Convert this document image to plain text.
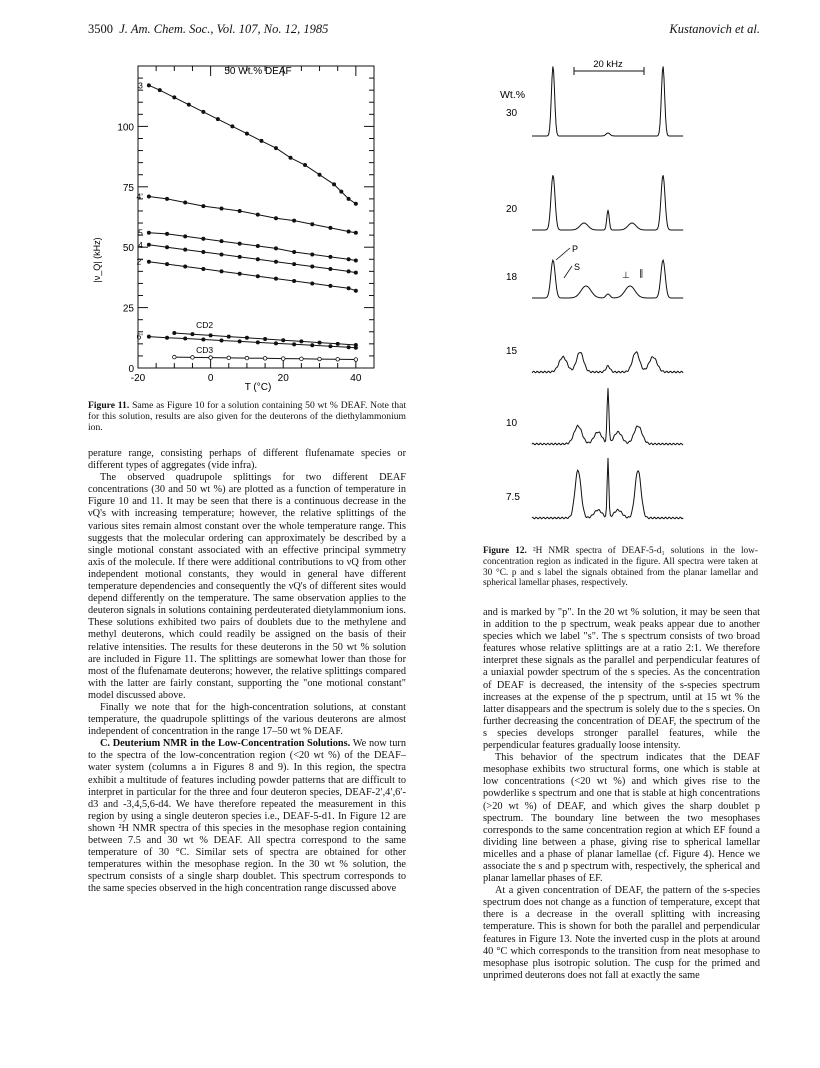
3500 J. Am. Chem. Soc., Vol. 107, No. 12, 1985	Kustanovich et al.
0
25
50
75
100
-20	0	20	40
3
4'
5
4
2'
CD2
6'
CD3
50 Wt.% DEAF
|ν_Q| (kHz)
T (°C)
Figure 11. Same as Figure 10 for a solution containing 50 wt % DEAF. Note that for this solution, results are also given for the deuterons of the diethylammonium ion.

perature range, consisting perhaps of different flufenamate species or different types of aggregates (vide infra).

The observed quadrupole splittings for two different DEAF concentrations (30 and 50 wt %) are plotted as a function of temperature in Figure 10 and 11. It may be seen that there is a continuous decrease in the νQ's with increasing temperature; however, the relative splittings of the various sites remain almost constant over the whole temperature range. This suggests that the molecular ordering can approximately be described by a single motional constant associated with an effective principal symmetry axis of the molecule. If there were additional contributions to νQ from other independent motional constants, they would in general have different temperature dependencies and consequently the νQ's of different sites would depend differently on the temperature. The same observation applies to the deuteron signals in solutions containing perdeuterated dietylammonium ions. These solutions exhibited two pairs of doublets due to the methylene and methyl deuterons, which could readily be assigned on the basis of their relative intensities. The results for these deuterons in the 50 wt % solution are included in Figure 11. The splittings are somewhat lower than those for most of the flufenamate deuterons; however, the relative splittings compared with the latter are fairly constant, supporting the "one motional constant" model discussed above.

Finally we note that for the high-concentration solutions, at constant temperature, the quadrupole splittings of the various deuterons are almost independent of concentration in the range 17–50 wt % DEAF.

C. Deuterium NMR in the Low-Concentration Solutions. We now turn to the spectra of the low-concentration region (<20 wt %) of the DEAF–water system (columns a in Figures 8 and 9). In this region, the spectra exhibit a multitude of features including powder patterns that are difficult to interpret in particular for the three and four deuteron species, DEAF-2′,4′,6′-d3 and -3,4,5,6-d4. We have therefore repeated the measurement in this region by using a single deuteron species i.e., DEAF-5-d1. In Figure 12 are shown ²H NMR spectra of this species in the mesophase region containing between 7.5 and 30 wt % DEAF. All spectra correspond to the same temperature of 30 °C. Similar sets of spectra are obtained for other temperatures within the mesophase region. In the 30 wt % solution, the spectrum consists of a single sharp doublet. This spectrum corresponds to the same species observed in the high concentration range discussed above

20 kHz
Wt.%
30
20
18
15
10
7.5
P
S
⊥ ∥
Figure 12. ²H NMR spectra of DEAF-5-d₁ solutions in the low-concentration region as indicated in the figure. All spectra were taken at 30 °C. p and s label the signals obtained from the planar lamellar and spherical lamellar phases, respectively.

and is marked by "p". In the 20 wt % solution, it may be seen that in addition to the p spectrum, weak peaks appear due to another species which we label "s". The s spectrum consists of two broad features whose relative splittings are at a ratio 2:1. We therefore interpret these signals as the parallel and perpendicular features of a uniaxial powder spectrum of the s species. As the concentration of DEAF is decreased, the intensity of the s-species spectrum increases at the expense of the p spectrum, until at 15 wt % the latter disappears and the spectrum is solely due to the s species. On further decreasing the concentration of DEAF, the spectrum of the s species develops stronger parallel features, while the perpendicular features gradually loose intensity.

This behavior of the spectrum indicates that the DEAF mesophase exhibits two structural forms, one which is stable at low concentrations (<20 wt %) and which gives rise to the powderlike s spectrum and one that is stable at high concentrations (>20 wt %) of DEAF, and which gives the sharp doublet p spectrum. The boundary line between the two mesophases corresponds to the same concentration region at which EF found a dividing line between a phase, giving rise to spherical lamellar micelles and a phase of planar lamellae (cf. Figure 4). Hence we associate the s and p spectrum with, respectively, the spherical and planar lamellar phases of EF.

At a given concentration of DEAF, the pattern of the s-species spectrum does not change as a function of temperature, except that there is a decrease in the overall splitting with increasing temperature. This is shown for both the parallel and perpendicular features in Figure 13. Note the inverted cusp in the plots at around 40 °C which corresponds to the transition from neat mesophase to mesophase plus isotropic solution. The cusp for the primed and unprimed deuterons does not fall at exactly the same
